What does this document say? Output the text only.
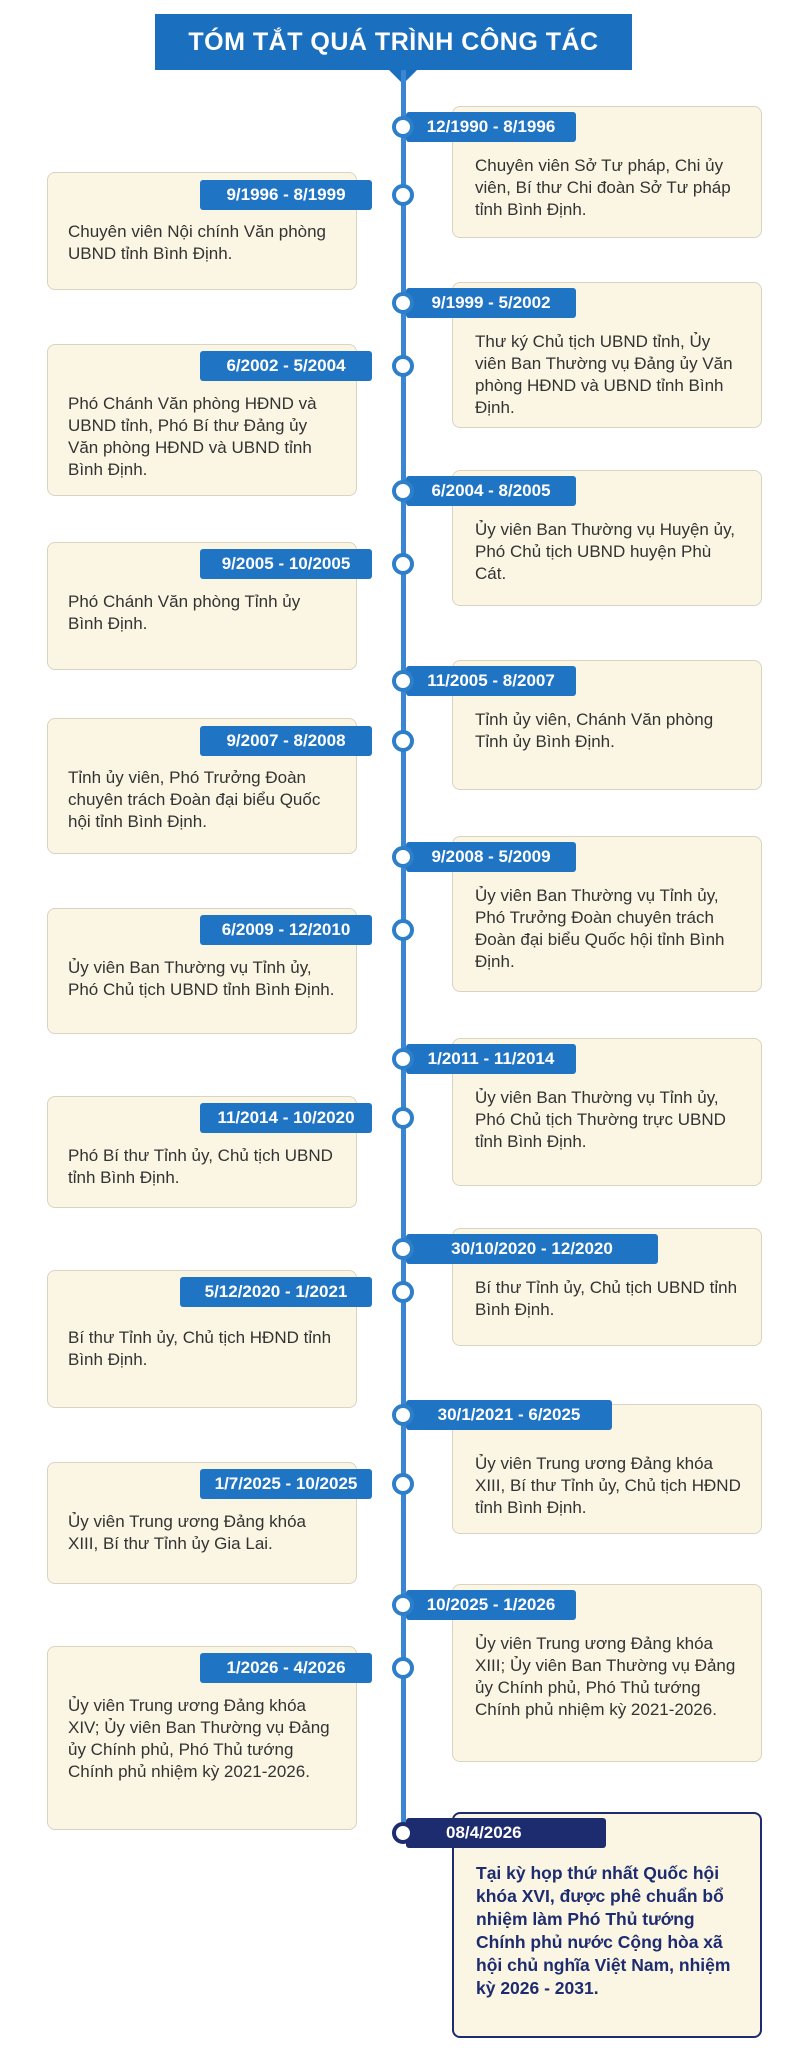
TÓM TẮT QUÁ TRÌNH CÔNG TÁC
Chuyên viên Sở Tư pháp, Chi ủy viên, Bí thư Chi đoàn Sở Tư pháp tỉnh Bình Định.
12/1990 - 8/1996
Chuyên viên Nội chính Văn phòng UBND tỉnh Bình Định.
9/1996 - 8/1999
Thư ký Chủ tịch UBND tỉnh, Ủy viên Ban Thường vụ Đảng ủy Văn phòng HĐND và UBND tỉnh Bình Định.
9/1999 - 5/2002
Phó Chánh Văn phòng HĐND và UBND tỉnh, Phó Bí thư Đảng ủy Văn phòng HĐND và UBND tỉnh Bình Định.
6/2002 - 5/2004
Ủy viên Ban Thường vụ Huyện ủy, Phó Chủ tịch UBND huyện Phù Cát.
6/2004 - 8/2005
Phó Chánh Văn phòng Tỉnh ủy Bình Định.
9/2005 - 10/2005
Tỉnh ủy viên, Chánh Văn phòng Tỉnh ủy Bình Định.
11/2005 - 8/2007
Tỉnh ủy viên, Phó Trưởng Đoàn chuyên trách Đoàn đại biểu Quốc hội tỉnh Bình Định.
9/2007 - 8/2008
Ủy viên Ban Thường vụ Tỉnh ủy, Phó Trưởng Đoàn chuyên trách Đoàn đại biểu Quốc hội tỉnh Bình Định.
9/2008 - 5/2009
Ủy viên Ban Thường vụ Tỉnh ủy, Phó Chủ tịch UBND tỉnh Bình Định.
6/2009 - 12/2010
Ủy viên Ban Thường vụ Tỉnh ủy, Phó Chủ tịch Thường trực UBND tỉnh Bình Định.
1/2011 - 11/2014
Phó Bí thư Tỉnh ủy, Chủ tịch UBND tỉnh Bình Định.
11/2014 - 10/2020
Bí thư Tỉnh ủy, Chủ tịch UBND tỉnh Bình Định.
30/10/2020 - 12/2020
Bí thư Tỉnh ủy, Chủ tịch HĐND tỉnh Bình Định.
5/12/2020 - 1/2021
Ủy viên Trung ương Đảng khóa XIII, Bí thư Tỉnh ủy, Chủ tịch HĐND tỉnh Bình Định.
30/1/2021 - 6/2025
Ủy viên Trung ương Đảng khóa XIII, Bí thư Tỉnh ủy Gia Lai.
1/7/2025 - 10/2025
Ủy viên Trung ương Đảng khóa XIII; Ủy viên Ban Thường vụ Đảng ủy Chính phủ, Phó Thủ tướng Chính phủ nhiệm kỳ 2021-2026.
10/2025 - 1/2026
Ủy viên Trung ương Đảng khóa XIV; Ủy viên Ban Thường vụ Đảng ủy Chính phủ, Phó Thủ tướng Chính phủ nhiệm kỳ 2021-2026.
1/2026 - 4/2026
Tại kỳ họp thứ nhất Quốc hội khóa XVI, được phê chuẩn bổ nhiệm làm Phó Thủ tướng Chính phủ nước Cộng hòa xã hội chủ nghĩa Việt Nam, nhiệm kỳ 2026 - 2031.
08/4/2026
